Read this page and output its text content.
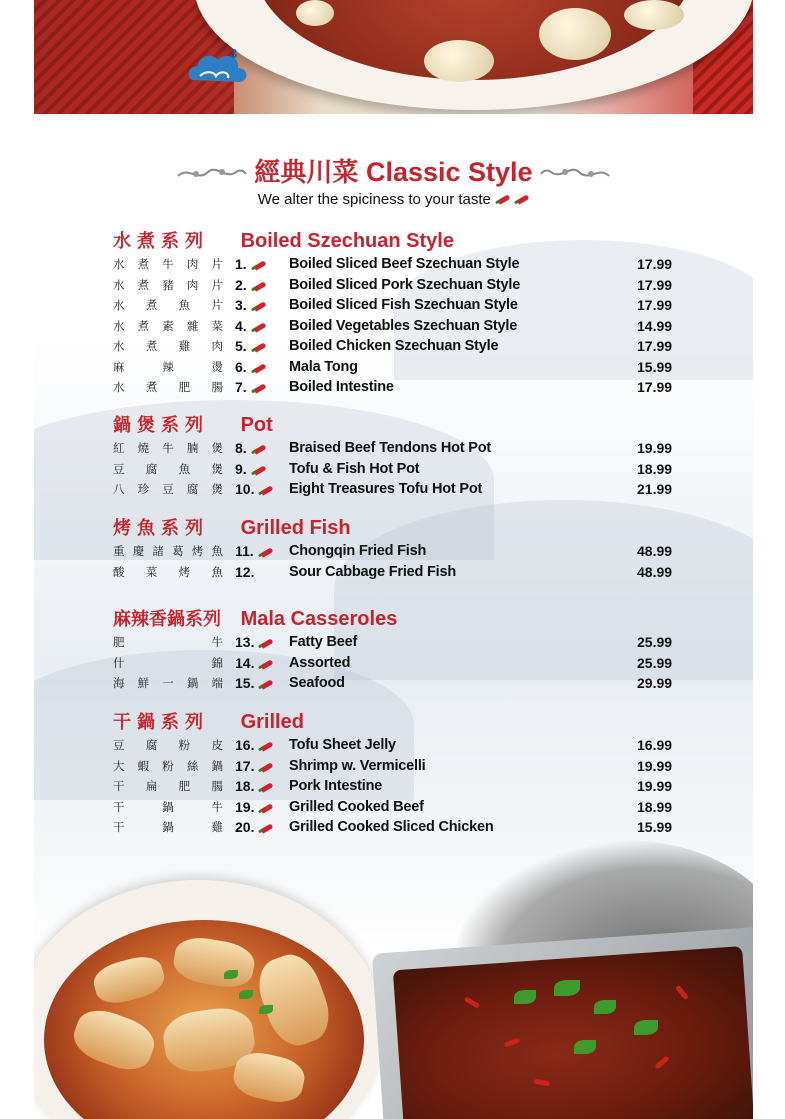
3
經典川菜 Classic Style
We alter the spiciness to your taste
水煮系列 Boiled Szechuan Style
水煮牛肉片 1.	Boiled Sliced Beef Szechuan Style	17.99
水煮豬肉片 2.	Boiled Sliced Pork Szechuan Style	17.99
水煮魚片 3.	Boiled Sliced Fish Szechuan Style	17.99
水煮素雜菜 4.	Boiled Vegetables Szechuan Style	14.99
水煮雞肉 5.	Boiled Chicken Szechuan Style	17.99
麻辣燙 6.	Mala Tong	15.99
水煮肥腸 7.	Boiled Intestine	17.99
鍋煲系列 Pot
紅燒牛腩煲 8.	Braised Beef Tendons Hot Pot	19.99
豆腐魚煲 9.	Tofu & Fish Hot Pot	18.99
八珍豆腐煲 10.	Eight Treasures Tofu Hot Pot	21.99
烤魚系列 Grilled Fish
重慶諸葛烤魚 11.	Chongqin Fried Fish	48.99
酸菜烤魚 12.	Sour Cabbage Fried Fish	48.99
麻辣香鍋系列 Mala Casseroles
肥牛 13.	Fatty Beef	25.99
什錦 14.	Assorted	25.99
海鮮一鍋端 15.	Seafood	29.99
干鍋系列 Grilled
豆腐粉皮 16.	Tofu Sheet Jelly	16.99
大蝦粉絲鍋 17.	Shrimp w. Vermicelli	19.99
干扁肥腸 18.	Pork Intestine	19.99
干鍋牛 19.	Grilled Cooked Beef	18.99
干鍋雞 20.	Grilled Cooked Sliced Chicken	15.99
